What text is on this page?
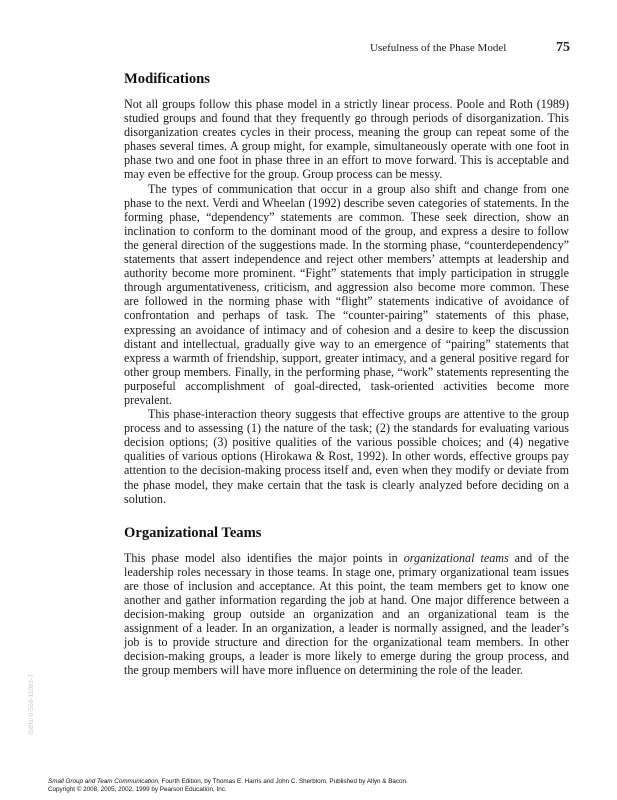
Usefulness of the Phase Model	75
Modifications

Not all groups follow this phase model in a strictly linear process. Poole and Roth (1989) studied groups and found that they frequently go through periods of disorganization. This disorganization creates cycles in their process, meaning the group can repeat some of the phases several times. A group might, for example, simultaneously operate with one foot in phase two and one foot in phase three in an effort to move forward. This is acceptable and may even be effective for the group. Group process can be messy.

The types of communication that occur in a group also shift and change from one phase to the next. Verdi and Wheelan (1992) describe seven categories of statements. In the forming phase, “dependency” statements are common. These seek direction, show an inclination to conform to the dominant mood of the group, and express a desire to follow the general direction of the suggestions made. In the storming phase, “counterdependency” statements that assert independence and reject other members’ attempts at leadership and authority become more prominent. “Fight” statements that imply participation in struggle through argumentativeness, criticism, and aggression also become more common. These are followed in the norming phase with “flight” statements indicative of avoidance of confrontation and perhaps of task. The “counter-pairing” statements of this phase, expressing an avoidance of intimacy and of cohesion and a desire to keep the discussion distant and intellectual, gradually give way to an emergence of “pairing” statements that express a warmth of friendship, support, greater intimacy, and a general positive regard for other group members. Finally, in the performing phase, “work” statements representing the purposeful accomplishment of goal-directed, task-oriented activities become more prevalent.

This phase-interaction theory suggests that effective groups are attentive to the group process and to assessing (1) the nature of the task; (2) the standards for evaluating various decision options; (3) positive qualities of the various possible choices; and (4) negative qualities of various options (Hirokawa & Rost, 1992). In other words, effective groups pay attention to the decision-making process itself and, even when they modify or deviate from the phase model, they make certain that the task is clearly analyzed before deciding on a solution.

Organizational Teams

This phase model also identifies the major points in organizational teams and of the leadership roles necessary in those teams. In stage one, primary organizational team issues are those of inclusion and acceptance. At this point, the team members get to know one another and gather information regarding the job at hand. One major difference between a decision-making group outside an organization and an organizational team is the assignment of a leader. In an organization, a leader is normally assigned, and the leader’s job is to provide structure and direction for the organizational team members. In other decision-making groups, a leader is more likely to emerge during the group process, and the group members will have more influence on determining the role of the leader.

ISBN: 0-558-11092-7
Small Group and Team Communication, Fourth Edition, by Thomas E. Harris and John C. Sherblom. Published by Allyn & Bacon.
Copyright © 2008, 2005, 2002, 1999 by Pearson Education, Inc.
